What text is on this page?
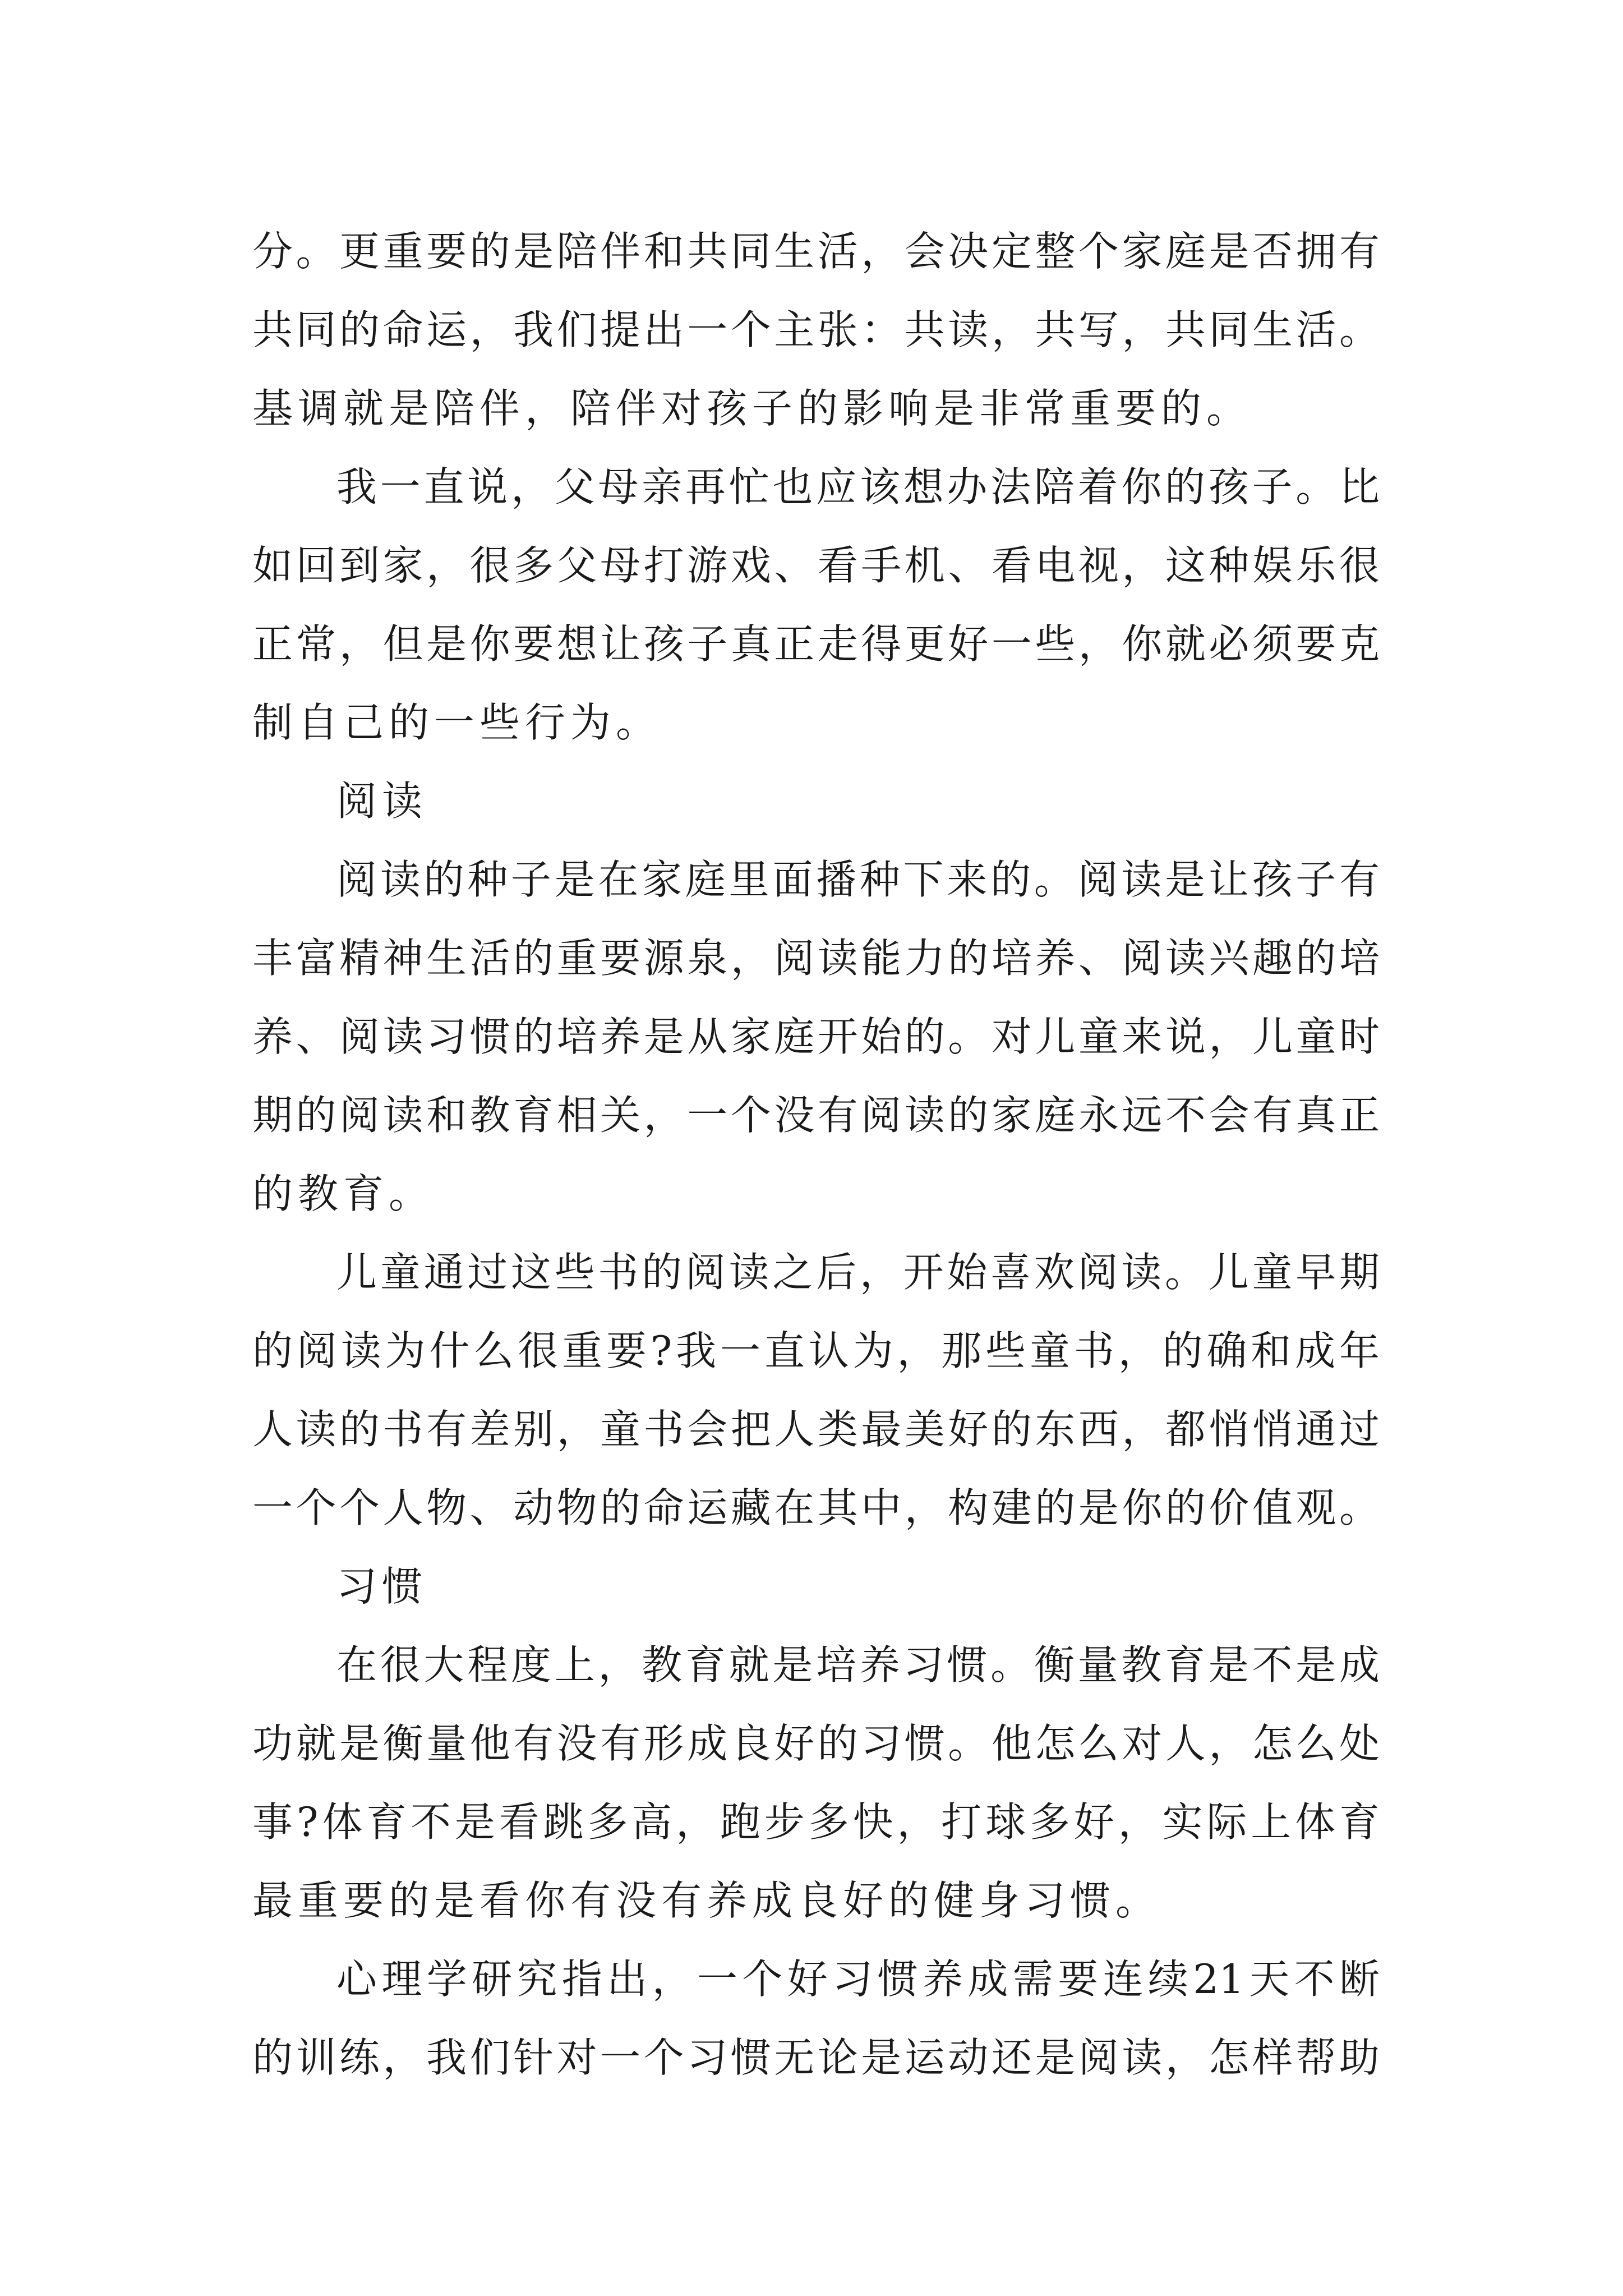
分。更重要的是陪伴和共同生活，会决定整个家庭是否拥有
共同的命运，我们提出一个主张：共读，共写，共同生活。
基调就是陪伴，陪伴对孩子的影响是非常重要的。
我一直说，父母亲再忙也应该想办法陪着你的孩子。比
如回到家，很多父母打游戏、看手机、看电视，这种娱乐很
正常，但是你要想让孩子真正走得更好一些，你就必须要克
制自己的一些行为。
阅读
阅读的种子是在家庭里面播种下来的。阅读是让孩子有
丰富精神生活的重要源泉，阅读能力的培养、阅读兴趣的培
养、阅读习惯的培养是从家庭开始的。对儿童来说，儿童时
期的阅读和教育相关，一个没有阅读的家庭永远不会有真正
的教育。
儿童通过这些书的阅读之后，开始喜欢阅读。儿童早期
的阅读为什么很重要?我一直认为，那些童书，的确和成年
人读的书有差别，童书会把人类最美好的东西，都悄悄通过
一个个人物、动物的命运藏在其中，构建的是你的价值观。
习惯
在很大程度上，教育就是培养习惯。衡量教育是不是成
功就是衡量他有没有形成良好的习惯。他怎么对人，怎么处
事?体育不是看跳多高，跑步多快，打球多好，实际上体育
最重要的是看你有没有养成良好的健身习惯。
心理学研究指出，一个好习惯养成需要连续21天不断
的训练，我们针对一个习惯无论是运动还是阅读，怎样帮助
